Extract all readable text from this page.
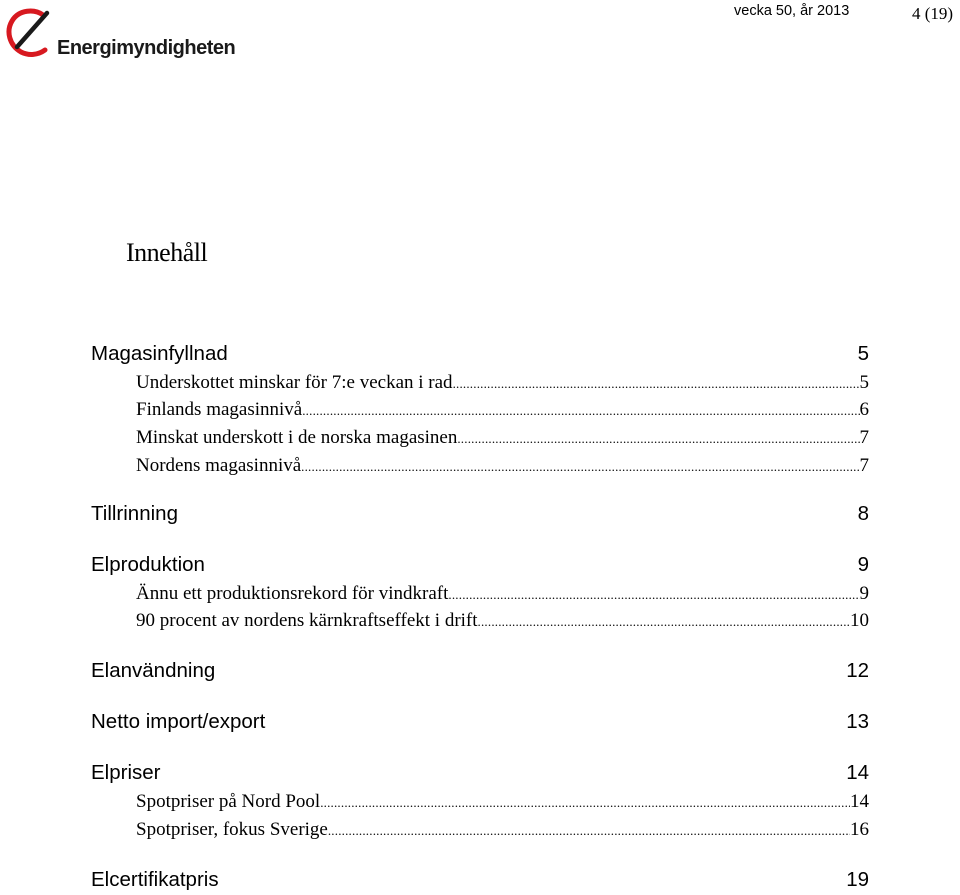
Energimyndigheten
vecka 50, år 2013	4 (19)
Innehåll
Magasinfyllnad	5
Underskottet minskar för 7:e veckan i rad .....	5
Finlands magasinnivå .....	6
Minskat underskott i de norska magasinen .....	7
Nordens magasinnivå .....	7
Tillrinning	8
Elproduktion	9
Ännu ett produktionsrekord för vindkraft .....	9
90 procent av nordens kärnkraftseffekt i drift .....	10
Elanvändning	12
Netto import/export	13
Elpriser	14
Spotpriser på Nord Pool .....	14
Spotpriser, fokus Sverige .....	16
Elcertifikatpris	19
